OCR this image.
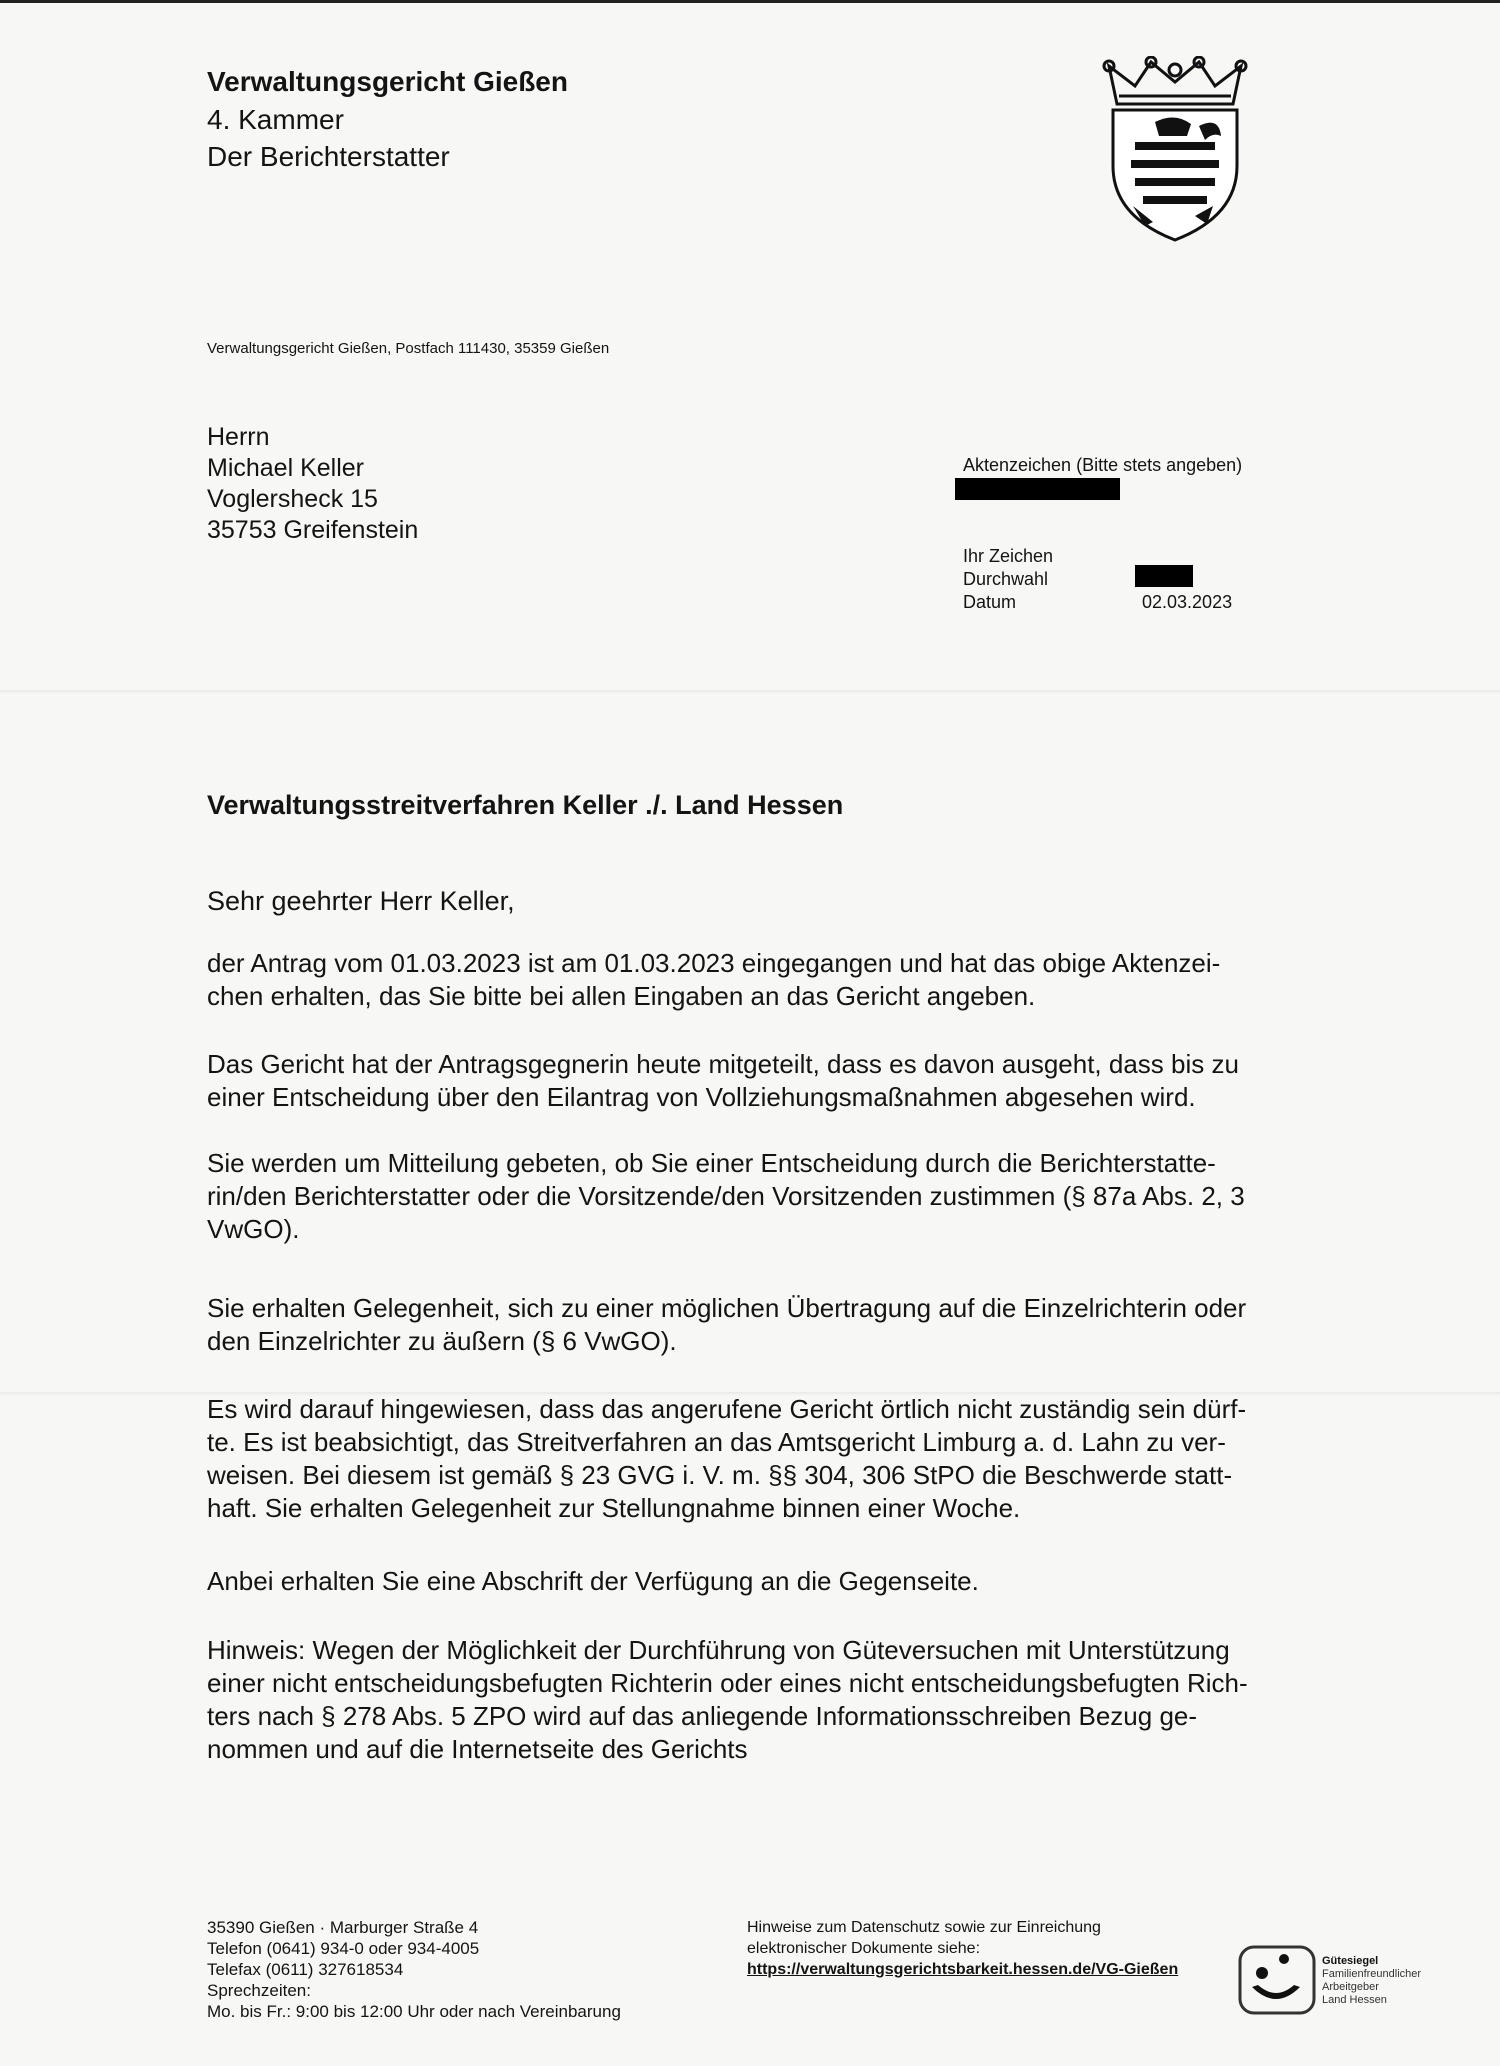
Verwaltungsgericht Gießen
4. Kammer
Der Berichterstatter
Verwaltungsgericht Gießen, Postfach 111430, 35359 Gießen
Herrn
Michael Keller
Voglersheck 15
35753 Greifenstein
Aktenzeichen (Bitte stets angeben)
Ihr Zeichen
Durchwahl
Datum	02.03.2023
Verwaltungsstreitverfahren Keller ./. Land Hessen
Sehr geehrter Herr Keller,
der Antrag vom 01.03.2023 ist am 01.03.2023 eingegangen und hat das obige Aktenzei-
chen erhalten, das Sie bitte bei allen Eingaben an das Gericht angeben.
Das Gericht hat der Antragsgegnerin heute mitgeteilt, dass es davon ausgeht, dass bis zu
einer Entscheidung über den Eilantrag von Vollziehungsmaßnahmen abgesehen wird.
Sie werden um Mitteilung gebeten, ob Sie einer Entscheidung durch die Berichterstatte-
rin/den Berichterstatter oder die Vorsitzende/den Vorsitzenden zustimmen (§ 87a Abs. 2, 3
VwGO).
Sie erhalten Gelegenheit, sich zu einer möglichen Übertragung auf die Einzelrichterin oder
den Einzelrichter zu äußern (§ 6 VwGO).
Es wird darauf hingewiesen, dass das angerufene Gericht örtlich nicht zuständig sein dürf-
te. Es ist beabsichtigt, das Streitverfahren an das Amtsgericht Limburg a. d. Lahn zu ver-
weisen. Bei diesem ist gemäß § 23 GVG i. V. m. §§ 304, 306 StPO die Beschwerde statt-
haft. Sie erhalten Gelegenheit zur Stellungnahme binnen einer Woche.
Anbei erhalten Sie eine Abschrift der Verfügung an die Gegenseite.
Hinweis: Wegen der Möglichkeit der Durchführung von Güteversuchen mit Unterstützung
einer nicht entscheidungsbefugten Richterin oder eines nicht entscheidungsbefugten Rich-
ters nach § 278 Abs. 5 ZPO wird auf das anliegende Informationsschreiben Bezug ge-
nommen und auf die Internetseite des Gerichts
35390 Gießen · Marburger Straße 4
Telefon (0641) 934-0 oder 934-4005
Telefax (0611) 327618534
Sprechzeiten:
Mo. bis Fr.: 9:00 bis 12:00 Uhr oder nach Vereinbarung
Hinweise zum Datenschutz sowie zur Einreichung
elektronischer Dokumente siehe:
https://verwaltungsgerichtsbarkeit.hessen.de/VG-Gießen	Gütesiegel
Familienfreundlicher
Arbeitgeber
Land Hessen
